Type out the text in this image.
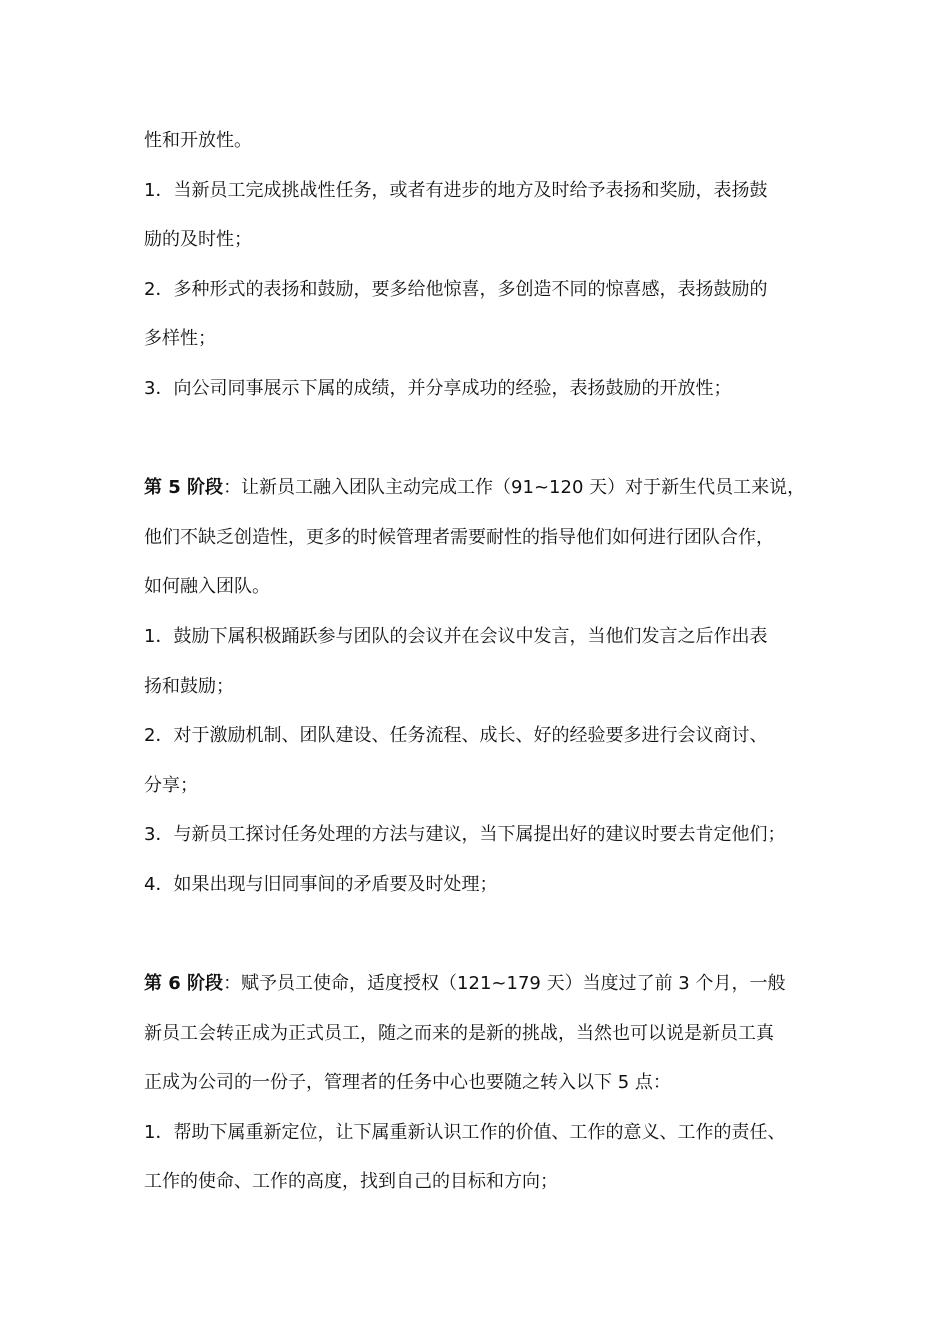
性和开放性。

1．当新员工完成挑战性任务，或者有进步的地方及时给予表扬和奖励，表扬鼓

励的及时性；

2．多种形式的表扬和鼓励，要多给他惊喜，多创造不同的惊喜感，表扬鼓励的

多样性；

3．向公司同事展示下属的成绩，并分享成功的经验，表扬鼓励的开放性；

第 5 阶段：让新员工融入团队主动完成工作（91~120 天）对于新生代员工来说，

他们不缺乏创造性，更多的时候管理者需要耐性的指导他们如何进行团队合作，

如何融入团队。

1．鼓励下属积极踊跃参与团队的会议并在会议中发言，当他们发言之后作出表

扬和鼓励；

2．对于激励机制、团队建设、任务流程、成长、好的经验要多进行会议商讨、

分享；

3．与新员工探讨任务处理的方法与建议，当下属提出好的建议时要去肯定他们；

4．如果出现与旧同事间的矛盾要及时处理；

第 6 阶段：赋予员工使命，适度授权（121~179 天）当度过了前 3 个月，一般

新员工会转正成为正式员工，随之而来的是新的挑战，当然也可以说是新员工真

正成为公司的一份子，管理者的任务中心也要随之转入以下 5 点：

1．帮助下属重新定位，让下属重新认识工作的价值、工作的意义、工作的责任、

工作的使命、工作的高度，找到自己的目标和方向；
